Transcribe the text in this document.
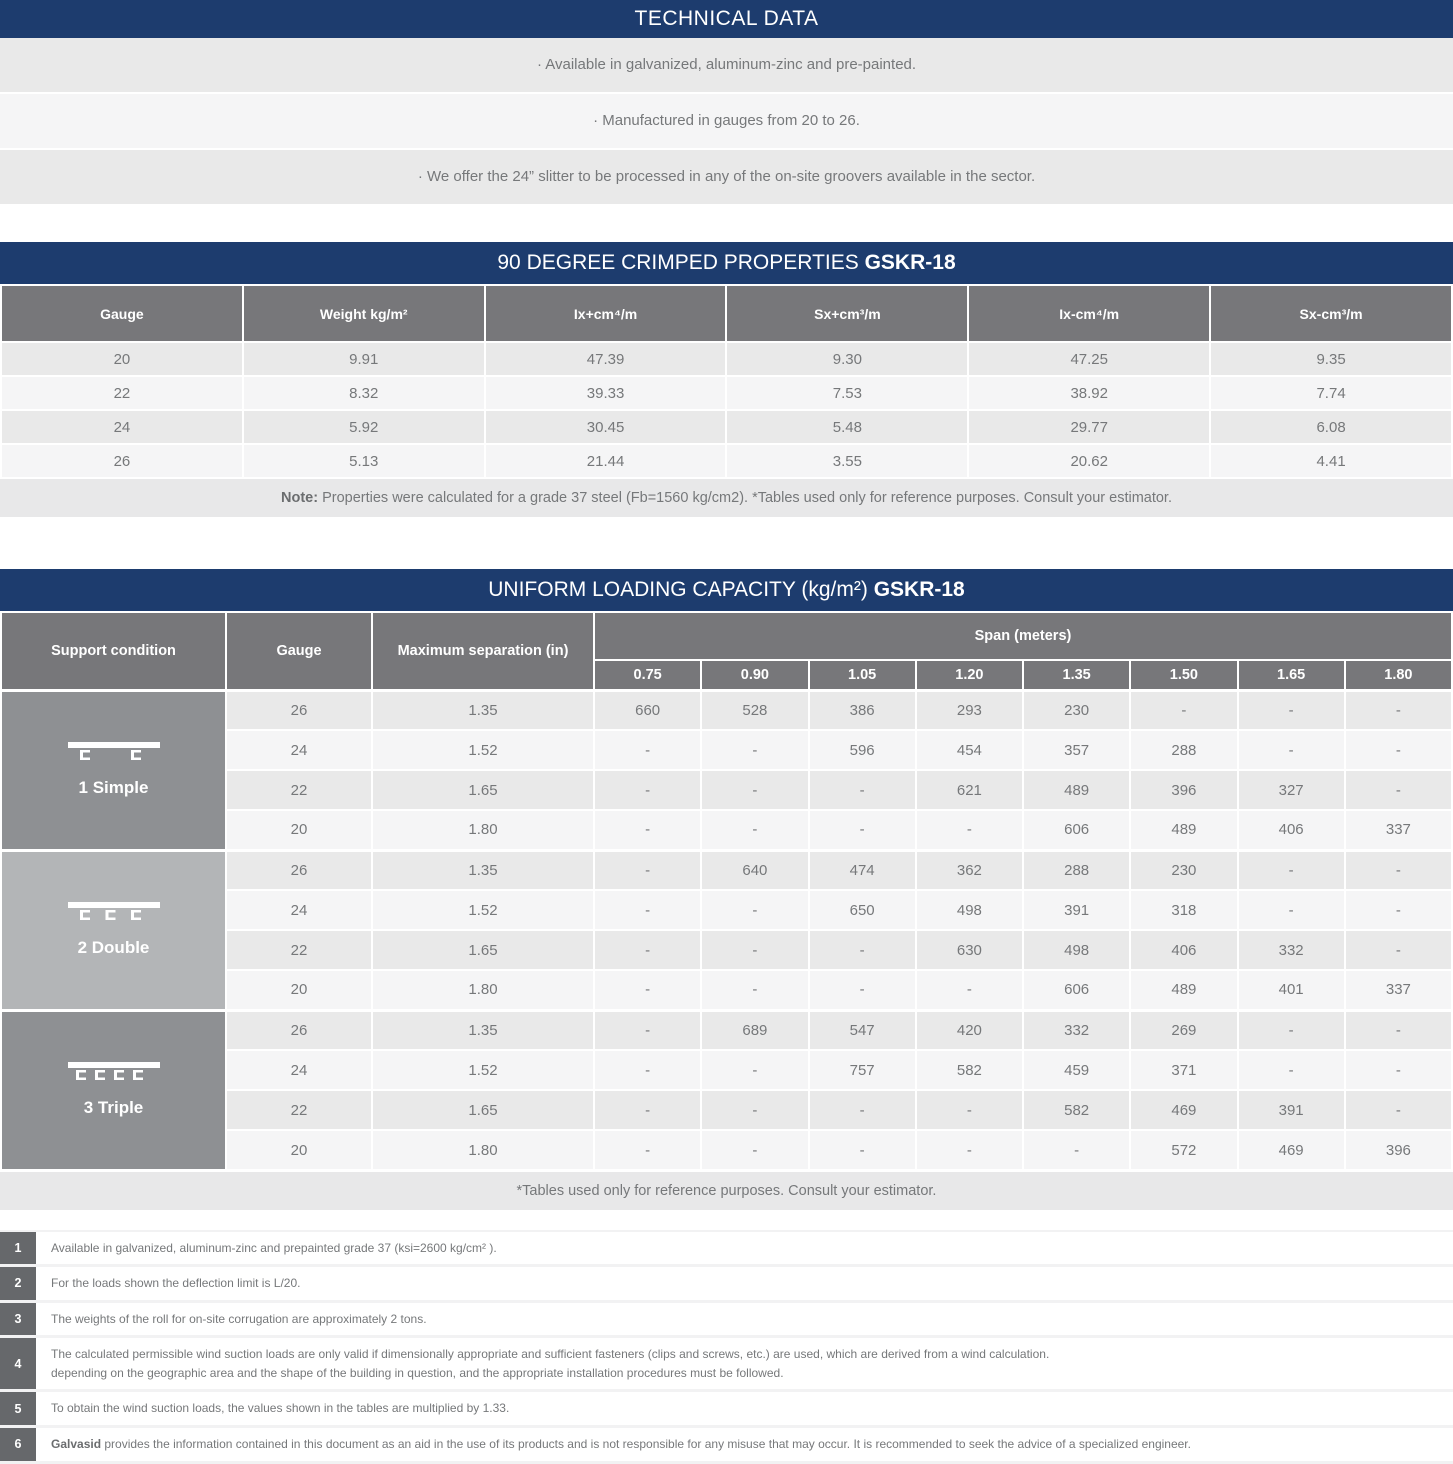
TECHNICAL DATA
· Available in galvanized, aluminum-zinc and pre-painted.
· Manufactured in gauges from 20 to 26.
· We offer the 24” slitter to be processed in any of the on-site groovers available in the sector.
90 DEGREE CRIMPED PROPERTIES GSKR-18
Gauge	Weight kg/m²	Ix+cm⁴/m	Sx+cm³/m	Ix-cm⁴/m	Sx-cm³/m
20	9.91	47.39	9.30	47.25	9.35
22	8.32	39.33	7.53	38.92	7.74
24	5.92	30.45	5.48	29.77	6.08
26	5.13	21.44	3.55	20.62	4.41
Note: Properties were calculated for a grade 37 steel (Fb=1560 kg/cm2). *Tables used only for reference purposes. Consult your estimator.
UNIFORM LOADING CAPACITY (kg/m²) GSKR-18
Support condition	Gauge	Maximum separation (in)	Span (meters)							
			0.75	0.90	1.05	1.20	1.35	1.50	1.65	1.80

1 Simple	26	1.35	660	528	386	293	230	-	-	-
	24	1.52	-	-	596	454	357	288	-	-
	22	1.65	-	-	-	621	489	396	327	-
	20	1.80	-	-	-	-	606	489	406	337

2 Double	26	1.35	-	640	474	362	288	230	-	-
	24	1.52	-	-	650	498	391	318	-	-
	22	1.65	-	-	-	630	498	406	332	-
	20	1.80	-	-	-	-	606	489	401	337

3 Triple	26	1.35	-	689	547	420	332	269	-	-
	24	1.52	-	-	757	582	459	371	-	-
	22	1.65	-	-	-	-	582	469	391	-
	20	1.80	-	-	-	-	-	572	469	396
*Tables used only for reference purposes. Consult your estimator.
1	Available in galvanized, aluminum-zinc and prepainted grade 37 (ksi=2600 kg/cm² ).
2	For the loads shown the deflection limit is L/20.
3	The weights of the roll for on-site corrugation are approximately 2 tons.
4
The calculated permissible wind suction loads are only valid if dimensionally appropriate and sufficient fasteners (clips and screws, etc.) are used, which are derived from a wind calculation.
depending on the geographic area and the shape of the building in question, and the appropriate installation procedures must be followed.
5	To obtain the wind suction loads, the values shown in the tables are multiplied by 1.33.
6	Galvasid provides the information contained in this document as an aid in the use of its products and is not responsible for any misuse that may occur. It is recommended to seek the advice of a specialized engineer.
